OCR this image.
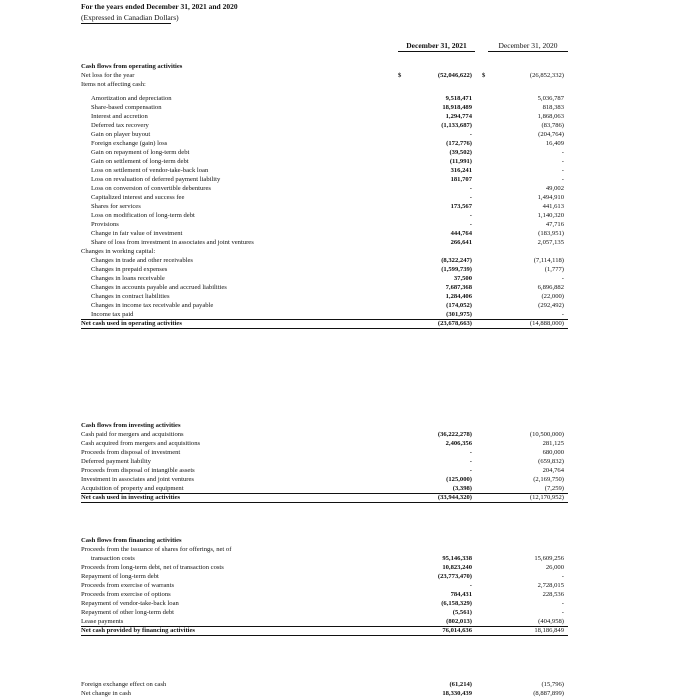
For the years ended December 31, 2021 and 2020
(Expressed in Canadian Dollars)
December 31, 2021	December 31, 2020
Cash flows from operating activities
Net loss for the year	$	(52,046,622) $	(26,852,332)
Items not affecting cash:
Amortization and depreciation	9,518,471	5,036,787
Share-based compensation	18,918,489	818,383
Interest and accretion	1,294,774	1,868,063
Deferred tax recovery	(1,133,687)	(83,786)
Gain on player buyout	-	(204,764)
Foreign exchange (gain) loss	(172,776)	16,409
Gain on repayment of long-term debt	(39,502)	-
Gain on settlement of long-term debt	(11,991)	-
Loss on settlement of vendor-take-back loan	316,241	-
Loss on revaluation of deferred payment liability	181,707	-
Loss on conversion of convertible debentures	-	49,002
Capitalized interest and success fee	-	1,494,910
Shares for services	173,567	441,613
Loss on modification of long-term debt	-	1,140,320
Provisions	-	47,716
Change in fair value of investment	444,764	(183,951)
Share of loss from investment in associates and joint ventures	266,641	2,057,135
Changes in working capital:
Changes in trade and other receivables	(8,322,247)	(7,114,118)
Changes in prepaid expenses	(1,599,739)	(1,777)
Changes in loans receivable	37,500	-
Changes in accounts payable and accrued liabilities	7,687,368	6,896,882
Changes in contract liabilities	1,284,406	(22,000)
Changes in income tax receivable and payable	(174,052)	(292,492)
Income tax paid	(301,975)	-
Net cash used in operating activities	(23,678,663)	(14,888,000)
Cash flows from investing activities
Cash paid for mergers and acquisitions	(36,222,278)	(10,500,000)
Cash acquired from mergers and acquisitions	2,406,356	281,125
Proceeds from disposal of investment	-	680,000
Deferred payment liability	-	(659,832)
Proceeds from disposal of intangible assets	-	204,764
Investment in associates and joint ventures	(125,000)	(2,169,750)
Acquisition of property and equipment	(3,398)	(7,259)
Net cash used in investing activities	(33,944,320)	(12,170,952)
Cash flows from financing activities
Proceeds from the issuance of shares for offerings, net of
transaction costs	95,146,338	15,609,256
Proceeds from long-term debt, net of transaction costs	10,823,240	26,000
Repayment of long-term debt	(23,773,470)	-
Proceeds from exercise of warrants	-	2,728,015
Proceeds from exercise of options	784,431	228,536
Repayment of vendor-take-back loan	(6,158,329)	-
Repayment of other long-term debt	(5,561)	-
Lease payments	(802,013)	(404,958)
Net cash provided by financing activities	76,014,636	18,186,849
Foreign exchange effect on cash	(61,214)	(15,796)
Net change in cash	18,330,439	(8,887,899)
